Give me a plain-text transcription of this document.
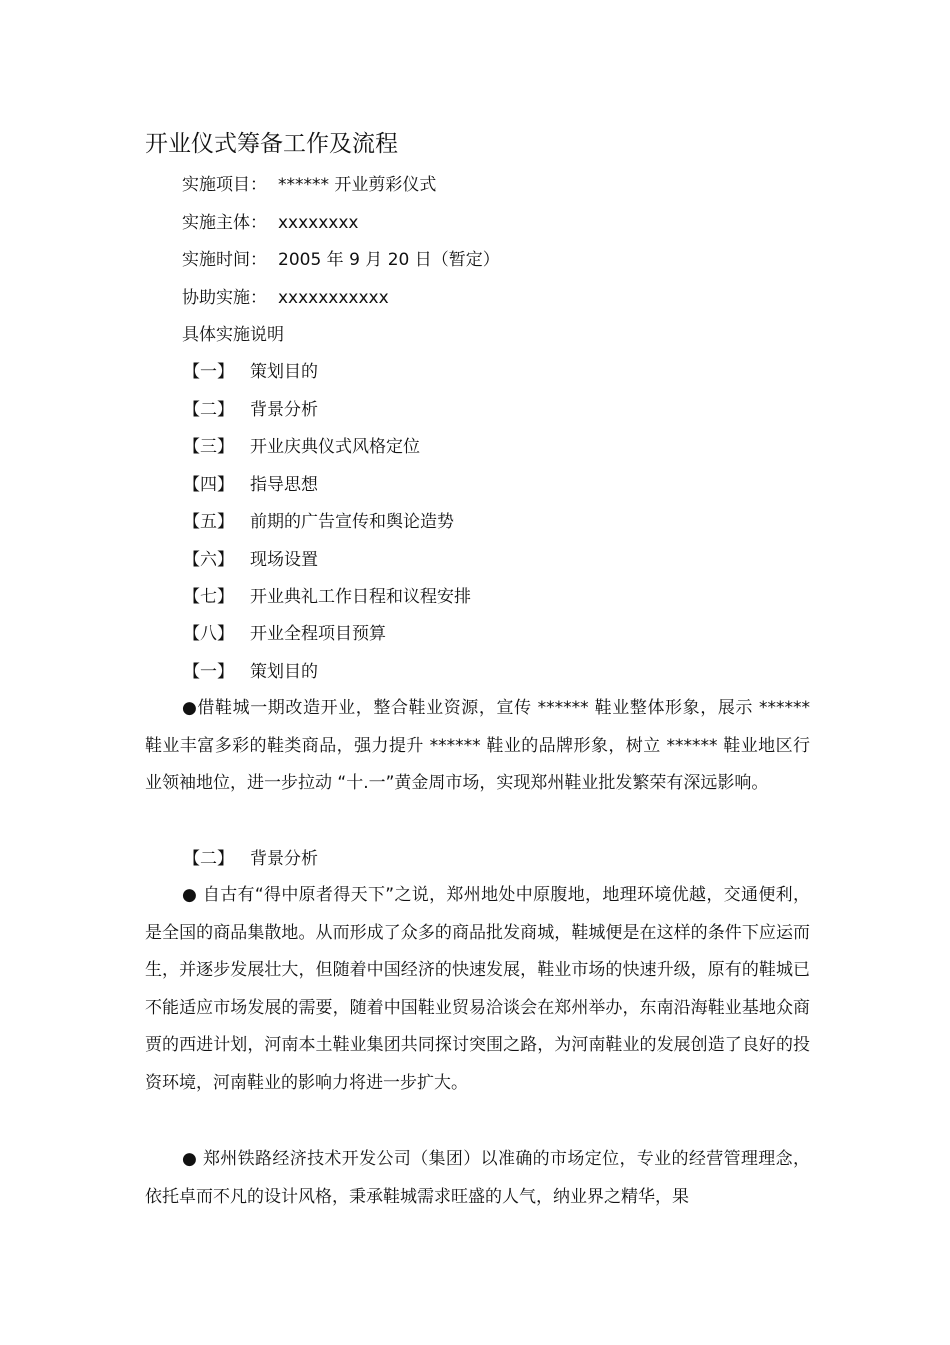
开业仪式筹备工作及流程
实施项目： ****** 开业剪彩仪式
实施主体： xxxxxxxx
实施时间： 2005 年 9 月 20 日（暂定）
协助实施： xxxxxxxxxxx
具体实施说明
【一】 策划目的
【二】 背景分析
【三】 开业庆典仪式风格定位
【四】 指导思想
【五】 前期的广告宣传和舆论造势
【六】 现场设置
【七】 开业典礼工作日程和议程安排
【八】 开业全程项目预算
【一】 策划目的
●借鞋城一期改造开业，整合鞋业资源，宣传 ****** 鞋业整体形象，展示 ****** 鞋业丰富多彩的鞋类商品，强力提升 ****** 鞋业的品牌形象，树立 ****** 鞋业地区行业领袖地位，进一步拉动 “十.一”黄金周市场，实现郑州鞋业批发繁荣有深远影响。
【二】 背景分析
● 自古有“得中原者得天下”之说，郑州地处中原腹地，地理环境优越，交通便利，是全国的商品集散地。从而形成了众多的商品批发商城，鞋城便是在这样的条件下应运而生，并逐步发展壮大，但随着中国经济的快速发展，鞋业市场的快速升级，原有的鞋城已不能适应市场发展的需要，随着中国鞋业贸易洽谈会在郑州举办，东南沿海鞋业基地众商贾的西进计划，河南本土鞋业集团共同探讨突围之路，为河南鞋业的发展创造了良好的投资环境，河南鞋业的影响力将进一步扩大。
● 郑州铁路经济技术开发公司（集团）以准确的市场定位，专业的经营管理理念，依托卓而不凡的设计风格，秉承鞋城需求旺盛的人气，纳业界之精华，果
